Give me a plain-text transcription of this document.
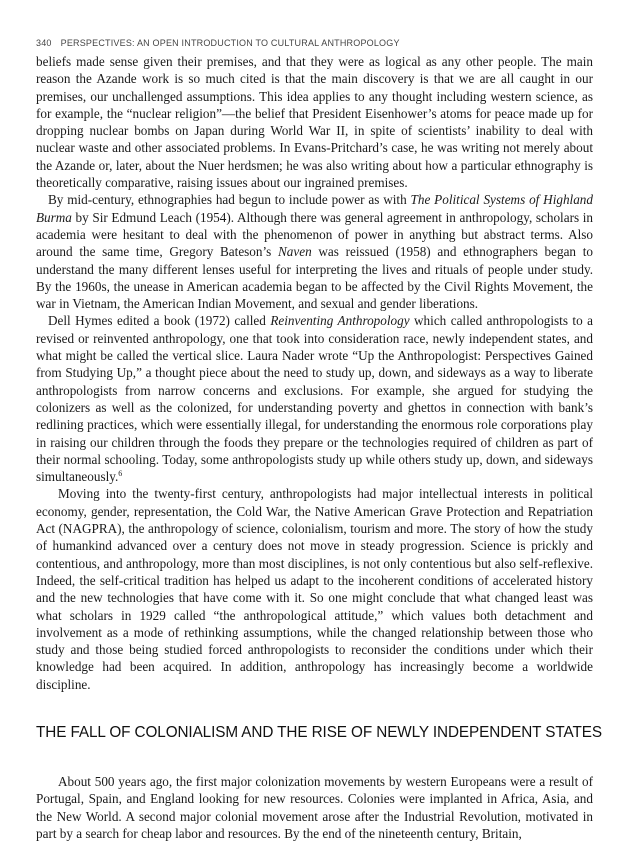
340 PERSPECTIVES: AN OPEN INTRODUCTION TO CULTURAL ANTHROPOLOGY

beliefs made sense given their premises, and that they were as logical as any other people. The main reason the Azande work is so much cited is that the main discovery is that we are all caught in our premises, our unchallenged assumptions. This idea applies to any thought including western science, as for example, the “nuclear religion”—the belief that President Eisenhower’s atoms for peace made up for dropping nuclear bombs on Japan during World War II, in spite of scientists’ inability to deal with nuclear waste and other associated problems. In Evans-Pritchard’s case, he was writing not merely about the Azande or, later, about the Nuer herdsmen; he was also writing about how a particular ethnography is theoretically comparative, raising issues about our ingrained premises.

By mid-century, ethnographies had begun to include power as with The Political Systems of Highland Burma by Sir Edmund Leach (1954). Although there was general agreement in anthropology, scholars in academia were hesitant to deal with the phenomenon of power in anything but abstract terms. Also around the same time, Gregory Bateson’s Naven was reissued (1958) and ethnographers began to understand the many different lenses useful for interpreting the lives and rituals of people under study. By the 1960s, the unease in American academia began to be affected by the Civil Rights Movement, the war in Vietnam, the American Indian Movement, and sexual and gender liberations.

Dell Hymes edited a book (1972) called Reinventing Anthropology which called anthropologists to a revised or reinvented anthropology, one that took into consideration race, newly independent states, and what might be called the vertical slice. Laura Nader wrote “Up the Anthropologist: Perspectives Gained from Studying Up,” a thought piece about the need to study up, down, and sideways as a way to liberate anthropologists from narrow concerns and exclusions. For example, she argued for studying the colonizers as well as the colonized, for understanding poverty and ghettos in connection with bank’s redlining practices, which were essentially illegal, for understanding the enormous role corporations play in raising our children through the foods they prepare or the technologies required of children as part of their normal schooling. Today, some anthropologists study up while others study up, down, and sideways simultaneously.$^6$

Moving into the twenty-first century, anthropologists had major intellectual interests in political economy, gender, representation, the Cold War, the Native American Grave Protection and Repatriation Act (NAGPRA), the anthropology of science, colonialism, tourism and more. The story of how the study of humankind advanced over a century does not move in steady progression. Science is prickly and contentious, and anthropology, more than most disciplines, is not only contentious but also self-reflexive. Indeed, the self-critical tradition has helped us adapt to the incoherent conditions of accelerated history and the new technologies that have come with it. So one might conclude that what changed least was what scholars in 1929 called “the anthropological attitude,” which values both detachment and involvement as a mode of rethinking assumptions, while the changed relationship between those who study and those being studied forced anthropologists to reconsider the conditions under which their knowledge had been acquired. In addition, anthropology has increasingly become a worldwide discipline.

THE FALL OF COLONIALISM AND THE RISE OF NEWLY INDEPENDENT STATES

About 500 years ago, the first major colonization movements by western Europeans were a result of Portugal, Spain, and England looking for new resources. Colonies were implanted in Africa, Asia, and the New World. A second major colonial movement arose after the Industrial Revolution, motivated in part by a search for cheap labor and resources. By the end of the nineteenth century, Britain,
